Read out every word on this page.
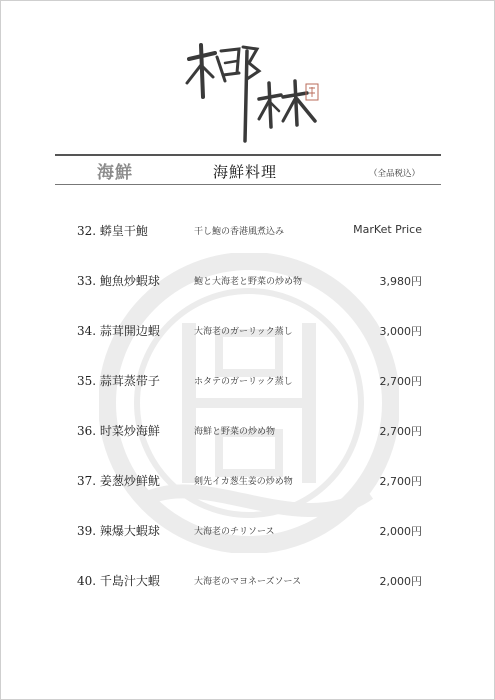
海鮮	海鮮料理	（全品税込）
32. 蟒皇干鮑	干し鮑の香港風煮込み	MarKet Price
33. 鮑魚炒蝦球	鮑と大海老と野菜の炒め物	3,980円
34. 蒜茸開边蝦	大海老のガーリック蒸し	3,000円
35. 蒜茸蒸带子	ホタテのガーリック蒸し	2,700円
36. 时菜炒海鮮	海鮮と野菜の炒め物	2,700円
37. 姜葱炒鲜鱿	剣先イカ葱生姜の炒め物	2,700円
39. 辣爆大蝦球	大海老のチリソース	2,000円
40. 千島汁大蝦	大海老のマヨネーズソース	2,000円
